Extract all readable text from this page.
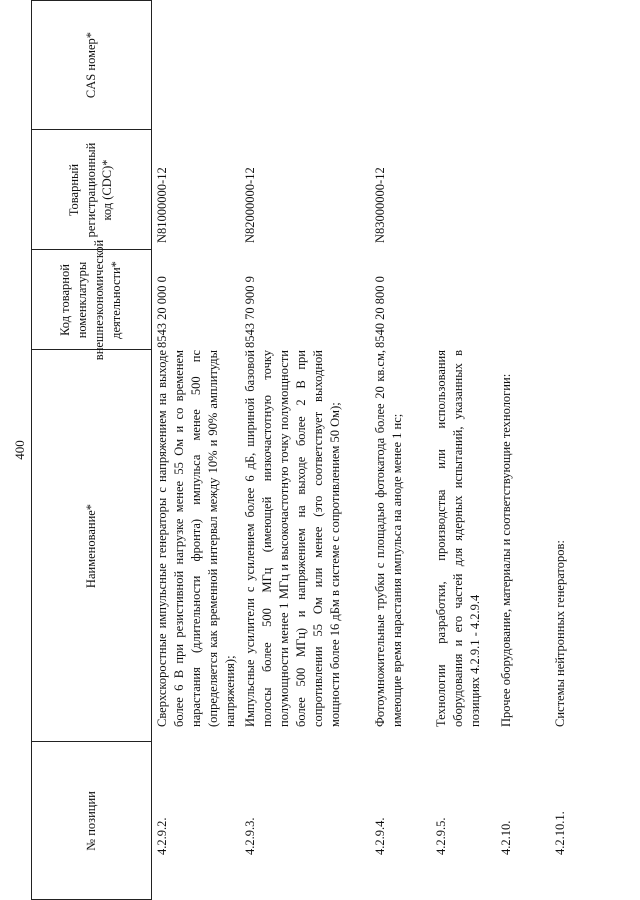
400
№ позиции
Наименование*
Код товарной номенклатуры внешнеэкономической деятельности*
Товарный регистрационный код (CDC)*
CAS номер*
4.2.9.2.
Сверхскоростные импульсные генераторы с напряжением на выходе более 6 В при резистивной нагрузке менее 55 Ом и со временем нарастания (длительности фронта) импульса менее 500 пс (определяется как временной интервал между 10% и 90% амплитуды напряжения);
8543 20 000 0
N81000000-12
4.2.9.3.
Импульсные усилители с усилением более 6 дБ, шириной базовой полосы более 500 МГц (имеющей низкочастотную точку полумощности менее 1 МГц и высокочастотную точку полумощности более 500 МГц) и напряжением на выходе более 2 В при сопротивлении 55 Ом или менее (это соответствует выходной мощности более 16 дБм в системе с сопротивлением 50 Ом);
8543 70 900 9
N82000000-12
4.2.9.4.
Фотоумножительные трубки с площадью фотокатода более 20 кв.см, имеющие время нарастания импульса на аноде менее 1 нс;
8540 20 800 0
N83000000-12
4.2.9.5.
Технологии разработки, производства или использования оборудования и его частей для ядерных испытаний, указанных в позициях 4.2.9.1 - 4.2.9.4
4.2.10.
Прочее оборудование, материалы и соответствующие технологии:
4.2.10.1.
Системы нейтронных генераторов:
